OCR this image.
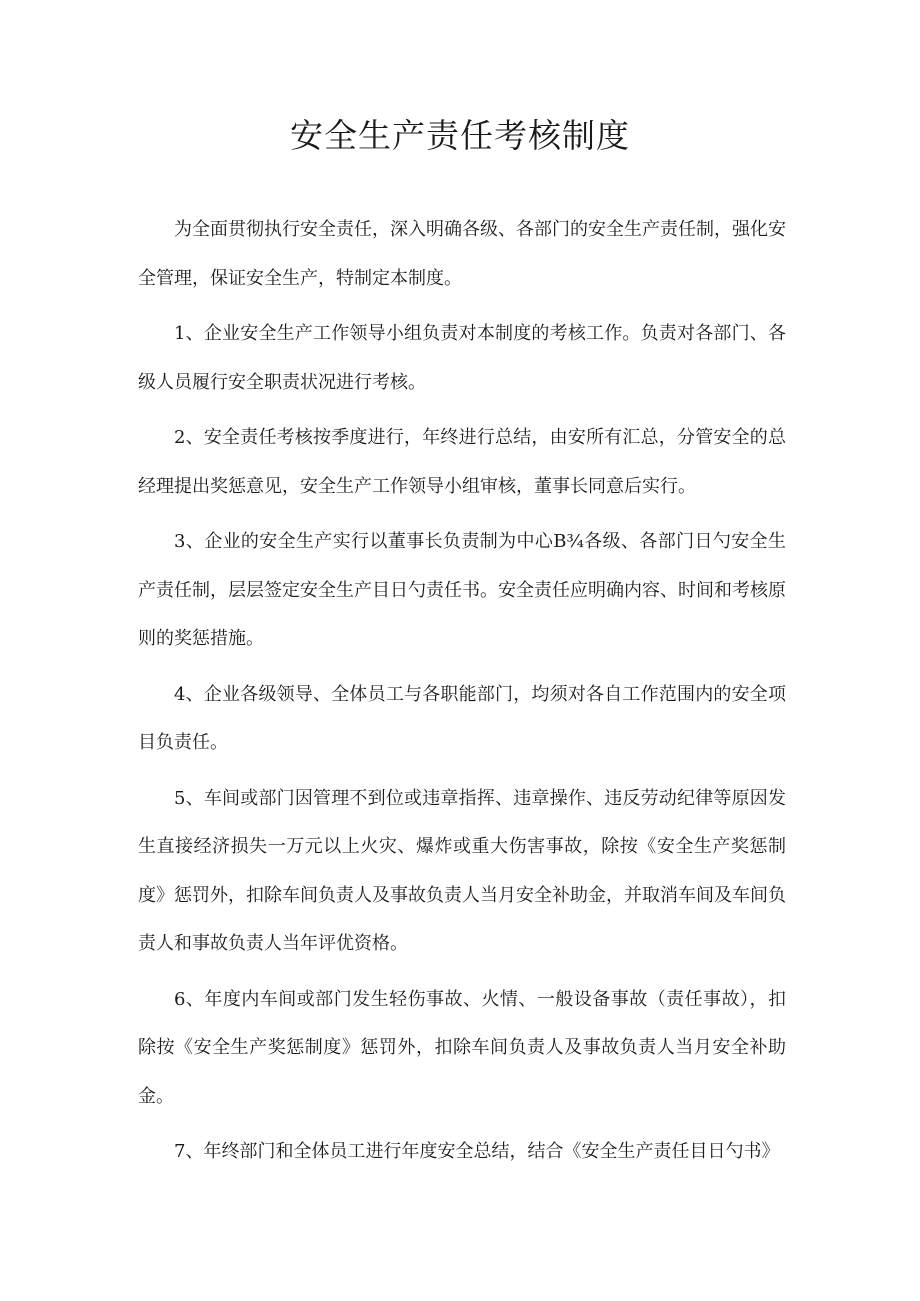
安全生产责任考核制度

为全面贯彻执行安全责任，深入明确各级、各部门的安全生产责任制，强化安全管理，保证安全生产，特制定本制度。

1、企业安全生产工作领导小组负责对本制度的考核工作。负责对各部门、各级人员履行安全职责状况进行考核。

2、安全责任考核按季度进行，年终进行总结，由安所有汇总，分管安全的总经理提出奖惩意见，安全生产工作领导小组审核，董事长同意后实行。

3、企业的安全生产实行以董事长负责制为中心B¾各级、各部门日勺安全生产责任制，层层签定安全生产目日勺责任书。安全责任应明确内容、时间和考核原则的奖惩措施。

4、企业各级领导、全体员工与各职能部门，均须对各自工作范围内的安全项目负责任。

5、车间或部门因管理不到位或违章指挥、违章操作、违反劳动纪律等原因发生直接经济损失一万元以上火灾、爆炸或重大伤害事故，除按《安全生产奖惩制度》惩罚外，扣除车间负责人及事故负责人当月安全补助金，并取消车间及车间负责人和事故负责人当年评优资格。

6、年度内车间或部门发生轻伤事故、火情、一般设备事故（责任事故），扣除按《安全生产奖惩制度》惩罚外，扣除车间负责人及事故负责人当月安全补助金。

7、年终部门和全体员工进行年度安全总结，结合《安全生产责任目日勺书》
